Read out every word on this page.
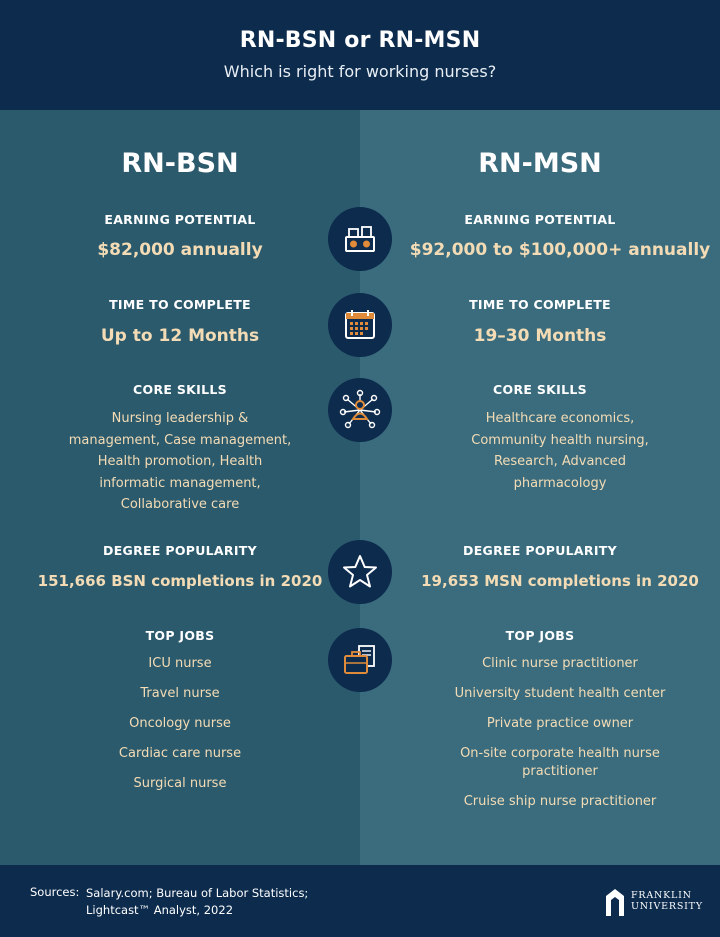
RN-BSN or RN-MSN
Which is right for working nurses?
RN-BSN
EARNING POTENTIAL
$82,000 annually
TIME TO COMPLETE
Up to 12 Months
CORE SKILLS
Nursing leadership &
management, Case management,
Health promotion, Health
informatic management,
Collaborative care
DEGREE POPULARITY
151,666 BSN completions in 2020
TOP JOBS
ICU nurse
Travel nurse
Oncology nurse
Cardiac care nurse
Surgical nurse
RN-MSN
EARNING POTENTIAL
$92,000 to $100,000+ annually
TIME TO COMPLETE
19–30 Months
CORE SKILLS
Healthcare economics,
Community health nursing,
Research, Advanced
pharmacology
DEGREE POPULARITY
19,653 MSN completions in 2020
TOP JOBS
Clinic nurse practitioner
University student health center
Private practice owner
On-site corporate health nurse
practitioner
Cruise ship nurse practitioner
Sources: Salary.com; Bureau of Labor Statistics;
Lightcast™ Analyst, 2022
FRANKLIN
UNIVERSITY
